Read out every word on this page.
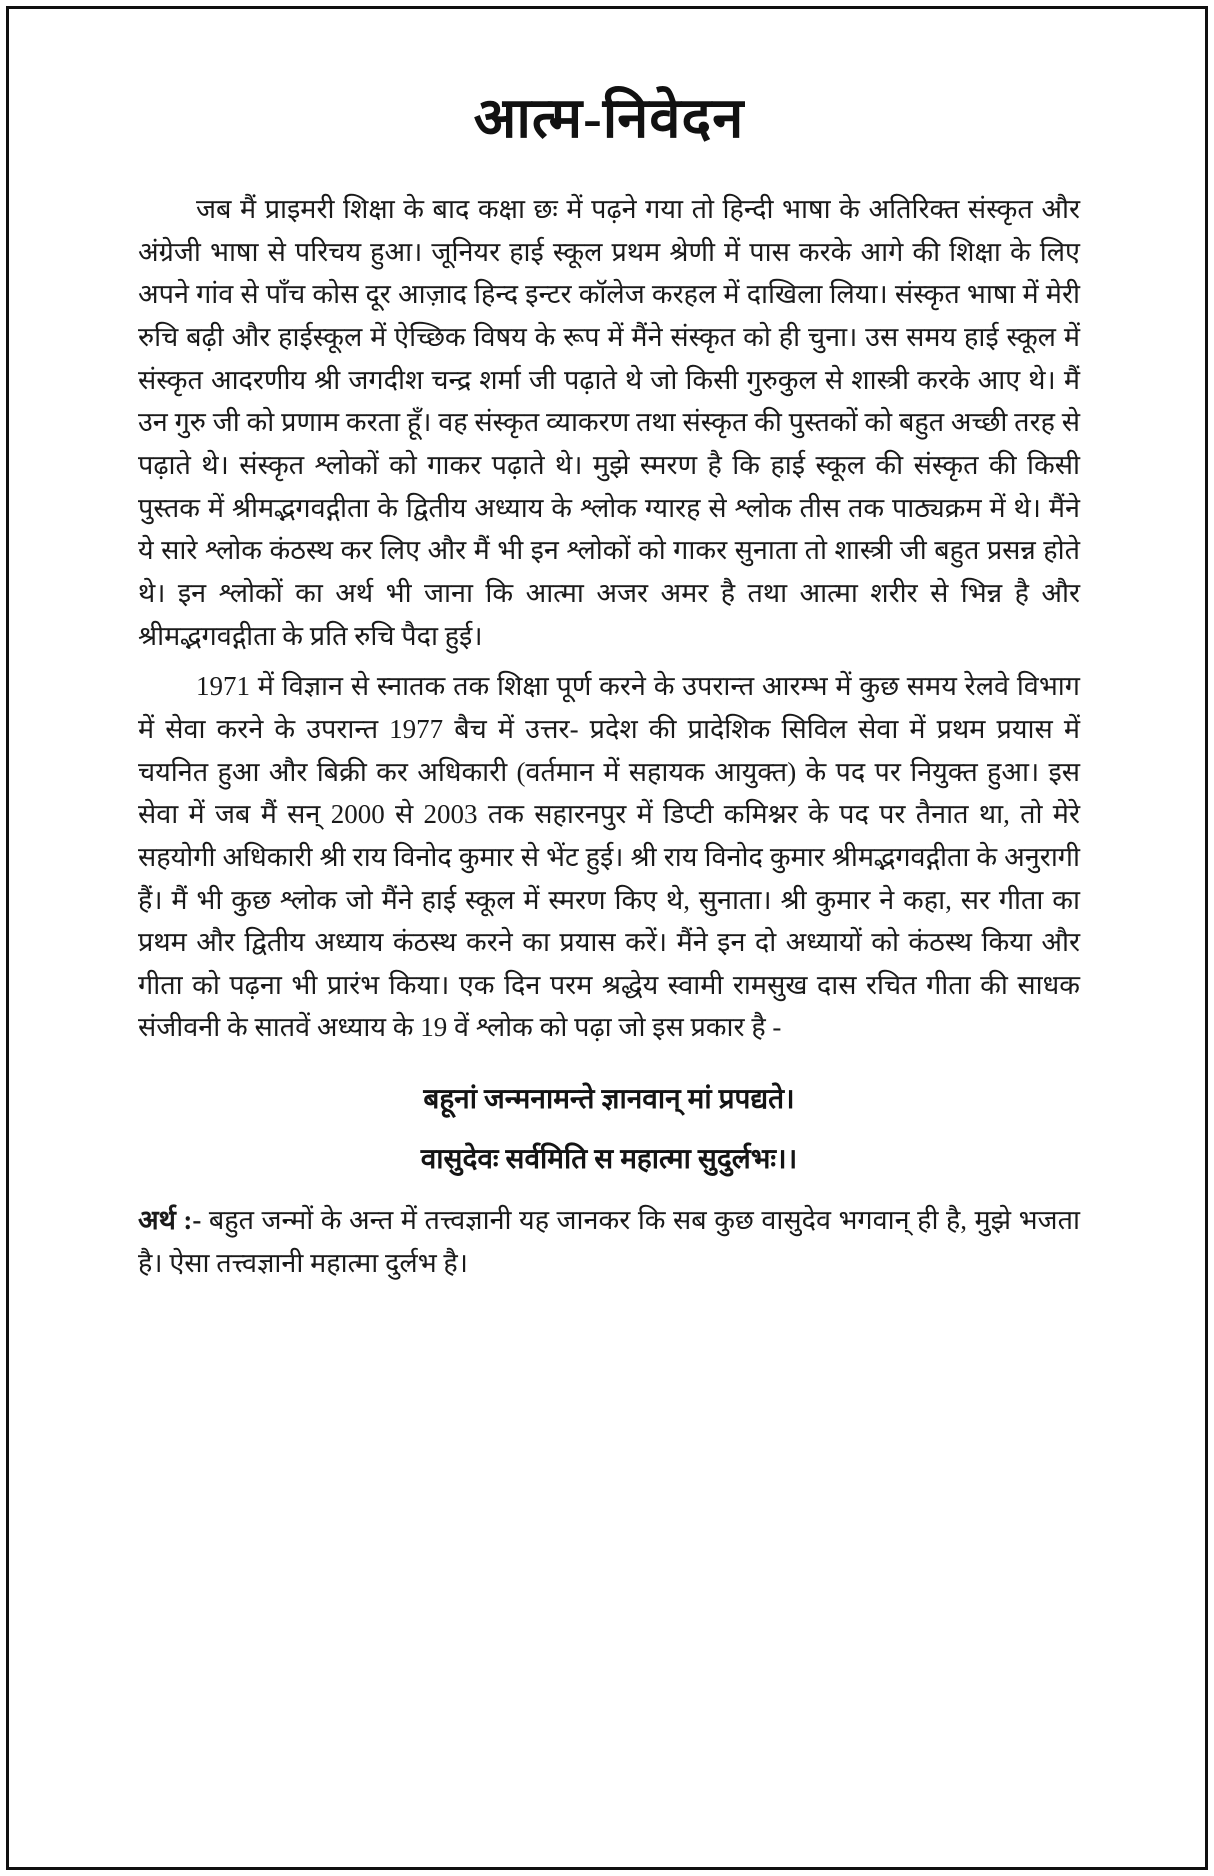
आत्म-निवेदन

जब मैं प्राइमरी शिक्षा के बाद कक्षा छः में पढ़ने गया तो हिन्दी भाषा के अतिरिक्त संस्कृत और अंग्रेजी भाषा से परिचय हुआ। जूनियर हाई स्कूल प्रथम श्रेणी में पास करके आगे की शिक्षा के लिए अपने गांव से पाँच कोस दूर आज़ाद हिन्द इन्टर कॉलेज करहल में दाखिला लिया। संस्कृत भाषा में मेरी रुचि बढ़ी और हाईस्कूल में ऐच्छिक विषय के रूप में मैंने संस्कृत को ही चुना। उस समय हाई स्कूल में संस्कृत आदरणीय श्री जगदीश चन्द्र शर्मा जी पढ़ाते थे जो किसी गुरुकुल से शास्त्री करके आए थे। मैं उन गुरु जी को प्रणाम करता हूँ। वह संस्कृत व्याकरण तथा संस्कृत की पुस्तकों को बहुत अच्छी तरह से पढ़ाते थे। संस्कृत श्लोकों को गाकर पढ़ाते थे। मुझे स्मरण है कि हाई स्कूल की संस्कृत की किसी पुस्तक में श्रीमद्भगवद्गीता के द्वितीय अध्याय के श्लोक ग्यारह से श्लोक तीस तक पाठ्यक्रम में थे। मैंने ये सारे श्लोक कंठस्थ कर लिए और मैं भी इन श्लोकों को गाकर सुनाता तो शास्त्री जी बहुत प्रसन्न होते थे। इन श्लोकों का अर्थ भी जाना कि आत्मा अजर अमर है तथा आत्मा शरीर से भिन्न है और श्रीमद्भगवद्गीता के प्रति रुचि पैदा हुई।

1971 में विज्ञान से स्नातक तक शिक्षा पूर्ण करने के उपरान्त आरम्भ में कुछ समय रेलवे विभाग में सेवा करने के उपरान्त 1977 बैच में उत्तर- प्रदेश की प्रादेशिक सिविल सेवा में प्रथम प्रयास में चयनित हुआ और बिक्री कर अधिकारी (वर्तमान में सहायक आयुक्त) के पद पर नियुक्त हुआ। इस सेवा में जब मैं सन् 2000 से 2003 तक सहारनपुर में डिप्टी कमिश्नर के पद पर तैनात था, तो मेरे सहयोगी अधिकारी श्री राय विनोद कुमार से भेंट हुई। श्री राय विनोद कुमार श्रीमद्भगवद्गीता के अनुरागी हैं। मैं भी कुछ श्लोक जो मैंने हाई स्कूल में स्मरण किए थे, सुनाता। श्री कुमार ने कहा, सर गीता का प्रथम और द्वितीय अध्याय कंठस्थ करने का प्रयास करें। मैंने इन दो अध्यायों को कंठस्थ किया और गीता को पढ़ना भी प्रारंभ किया। एक दिन परम श्रद्धेय स्वामी रामसुख दास रचित गीता की साधक संजीवनी के सातवें अध्याय के 19 वें श्लोक को पढ़ा जो इस प्रकार है -

बहूनां जन्मनामन्ते ज्ञानवान् मां प्रपद्यते।

वासुदेवः सर्वमिति स महात्मा सुदुर्लभः।।

अर्थ :- बहुत जन्मों के अन्त में तत्त्वज्ञानी यह जानकर कि सब कुछ वासुदेव भगवान् ही है, मुझे भजता है। ऐसा तत्त्वज्ञानी महात्मा दुर्लभ है।
